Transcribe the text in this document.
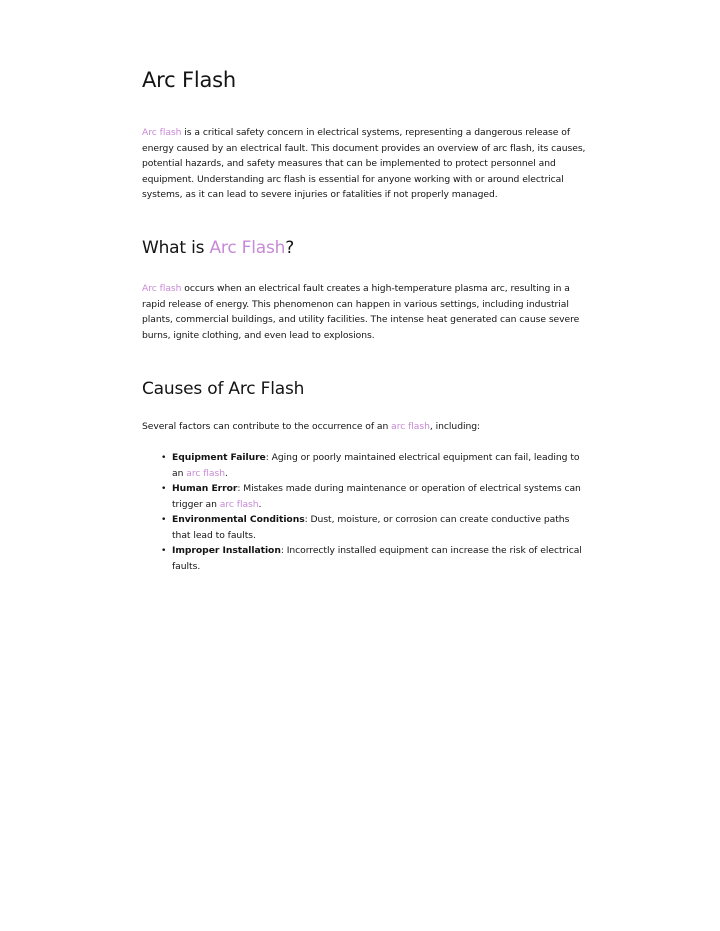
Arc Flash

Arc flash is a critical safety concern in electrical systems, representing a dangerous release of energy caused by an electrical fault. This document provides an overview of arc flash, its causes, potential hazards, and safety measures that can be implemented to protect personnel and equipment. Understanding arc flash is essential for anyone working with or around electrical systems, as it can lead to severe injuries or fatalities if not properly managed.

What is Arc Flash?

Arc flash occurs when an electrical fault creates a high-temperature plasma arc, resulting in a rapid release of energy. This phenomenon can happen in various settings, including industrial plants, commercial buildings, and utility facilities. The intense heat generated can cause severe burns, ignite clothing, and even lead to explosions.

Causes of Arc Flash

Several factors can contribute to the occurrence of an arc flash, including:

• Equipment Failure: Aging or poorly maintained electrical equipment can fail, leading to an arc flash.
• Human Error: Mistakes made during maintenance or operation of electrical systems can trigger an arc flash.
• Environmental Conditions: Dust, moisture, or corrosion can create conductive paths that lead to faults.
• Improper Installation: Incorrectly installed equipment can increase the risk of electrical faults.
